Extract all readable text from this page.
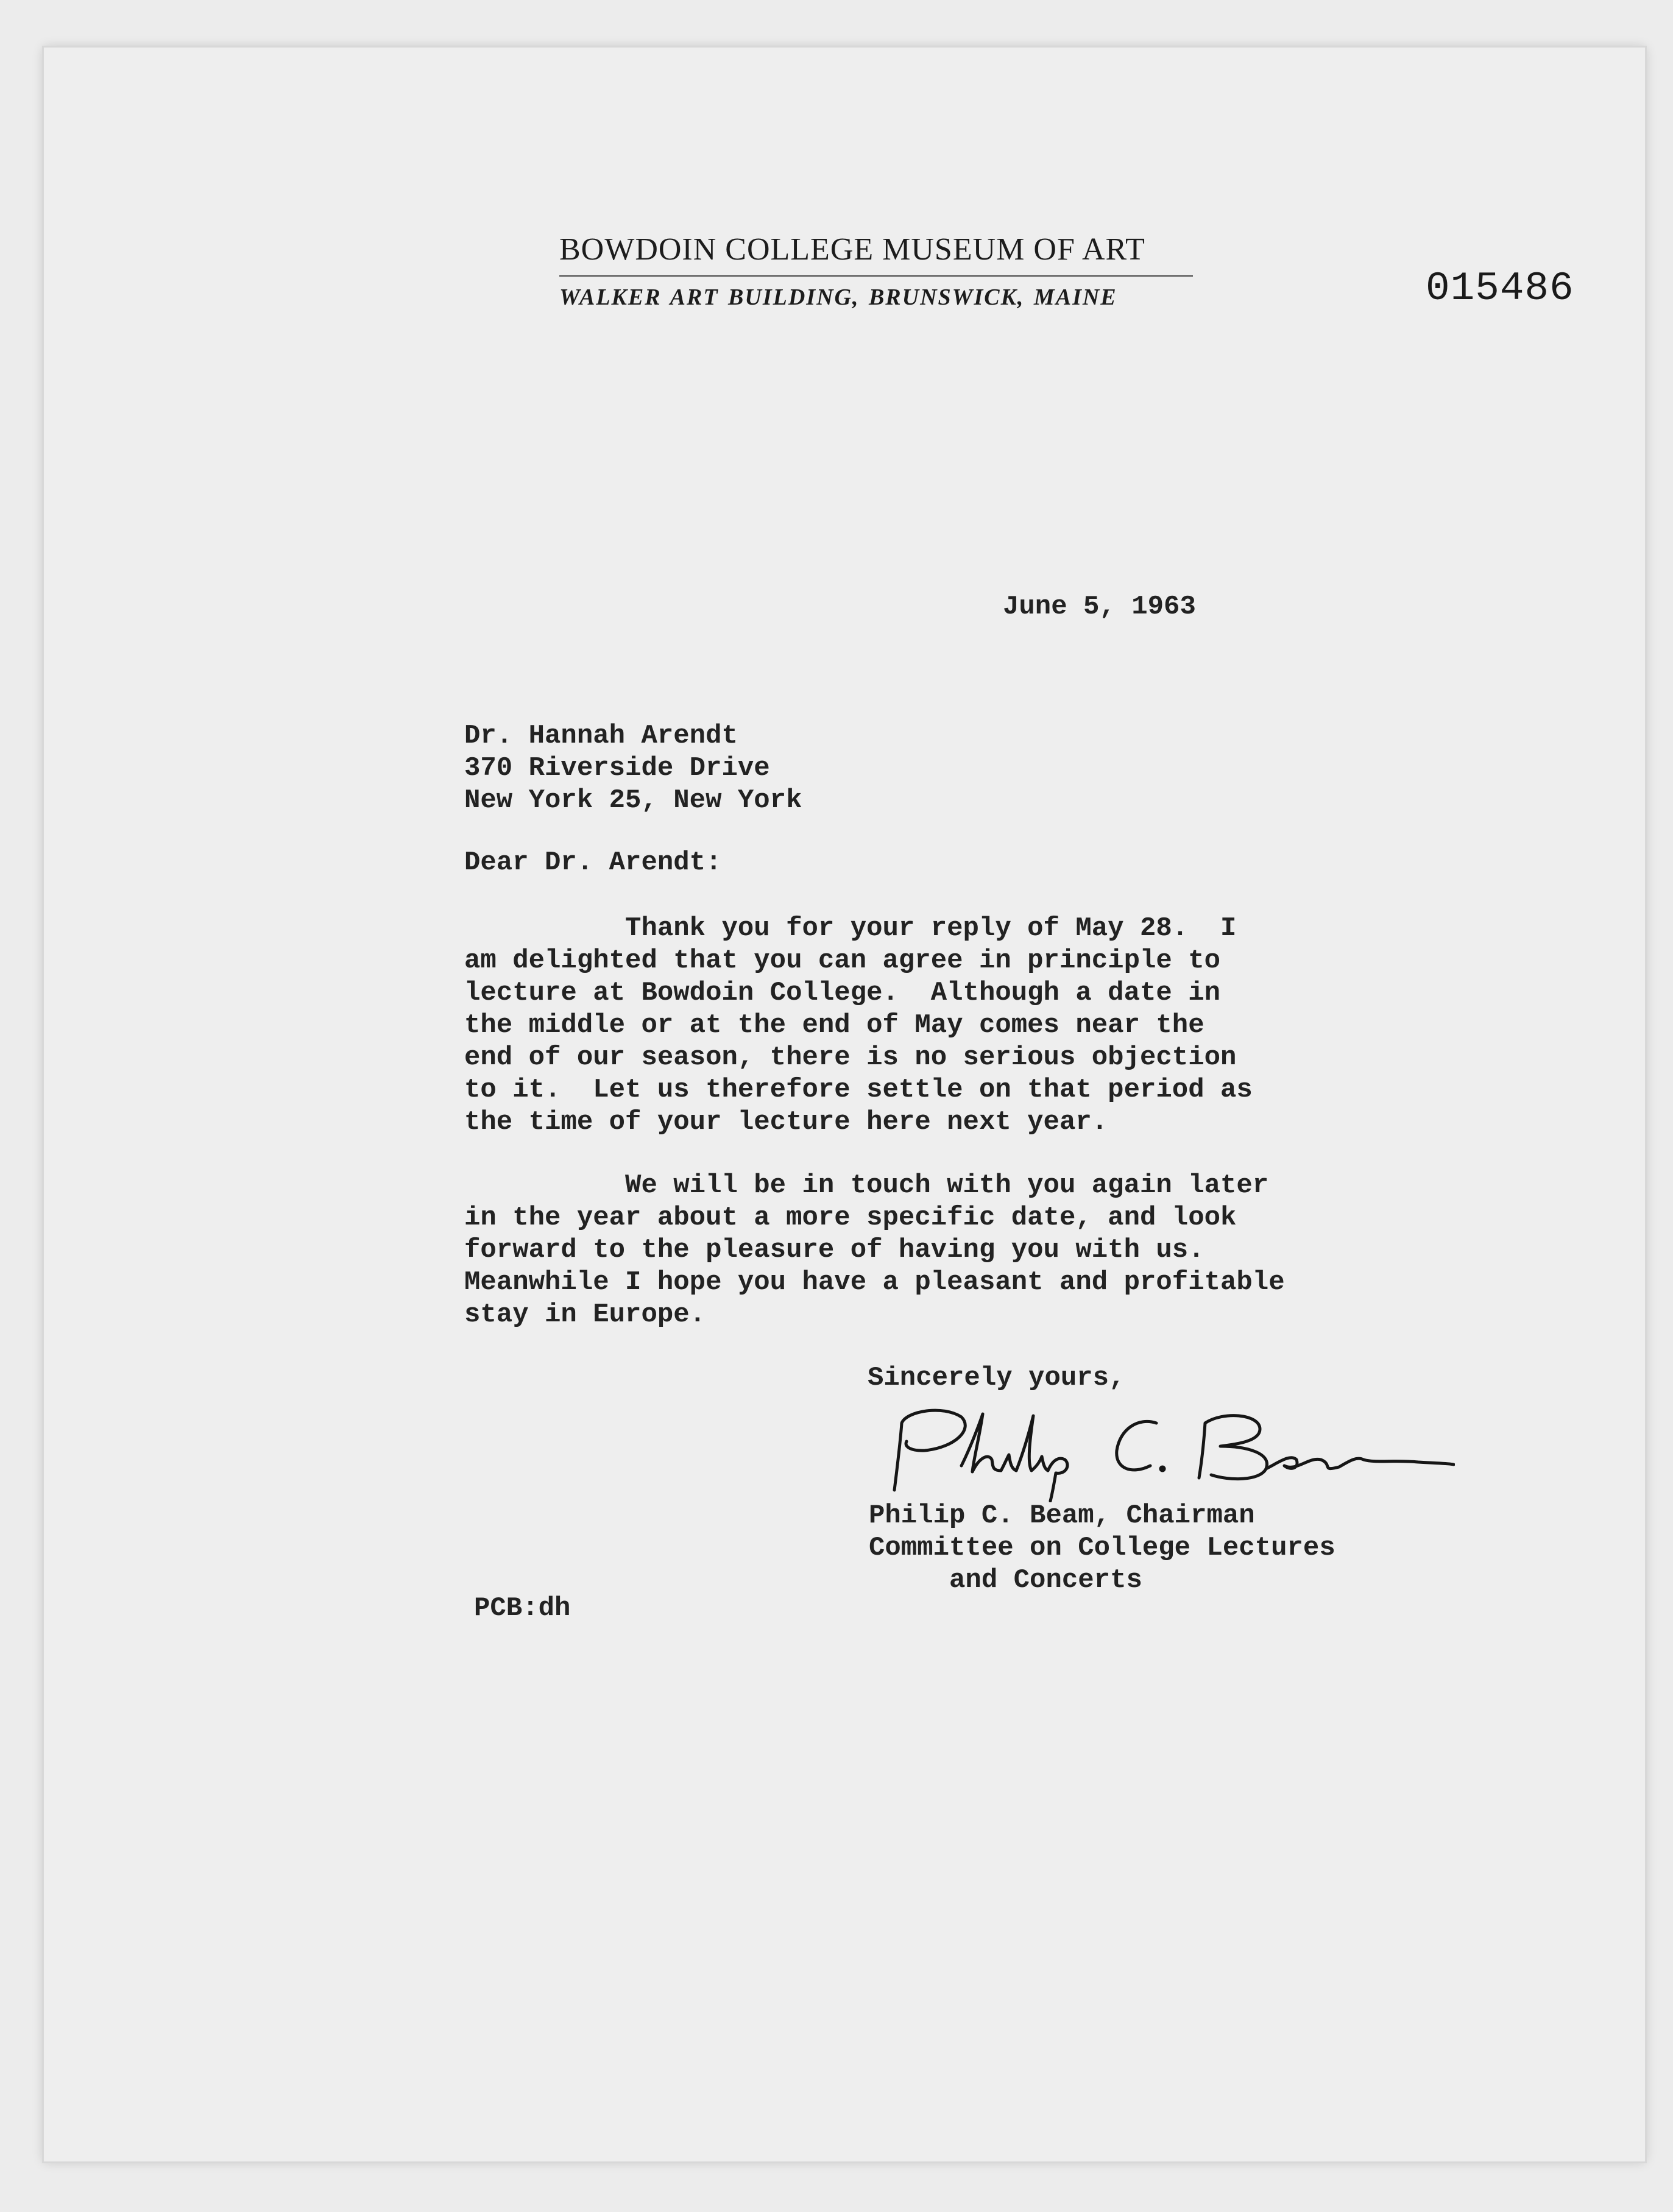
BOWDOIN COLLEGE MUSEUM OF ART
WALKER ART BUILDING, BRUNSWICK, MAINE	015486
June 5, 1963
Dr. Hannah Arendt
370 Riverside Drive
New York 25, New York
Dear Dr. Arendt:
Thank you for your reply of May 28.  I
am delighted that you can agree in principle to
lecture at Bowdoin College.  Although a date in
the middle or at the end of May comes near the
end of our season, there is no serious objection
to it.  Let us therefore settle on that period as
the time of your lecture here next year.
We will be in touch with you again later
in the year about a more specific date, and look
forward to the pleasure of having you with us.
Meanwhile I hope you have a pleasant and profitable
stay in Europe.
Sincerely yours,
Philip C. Beam, Chairman
Committee on College Lectures
and Concerts
PCB:dh
